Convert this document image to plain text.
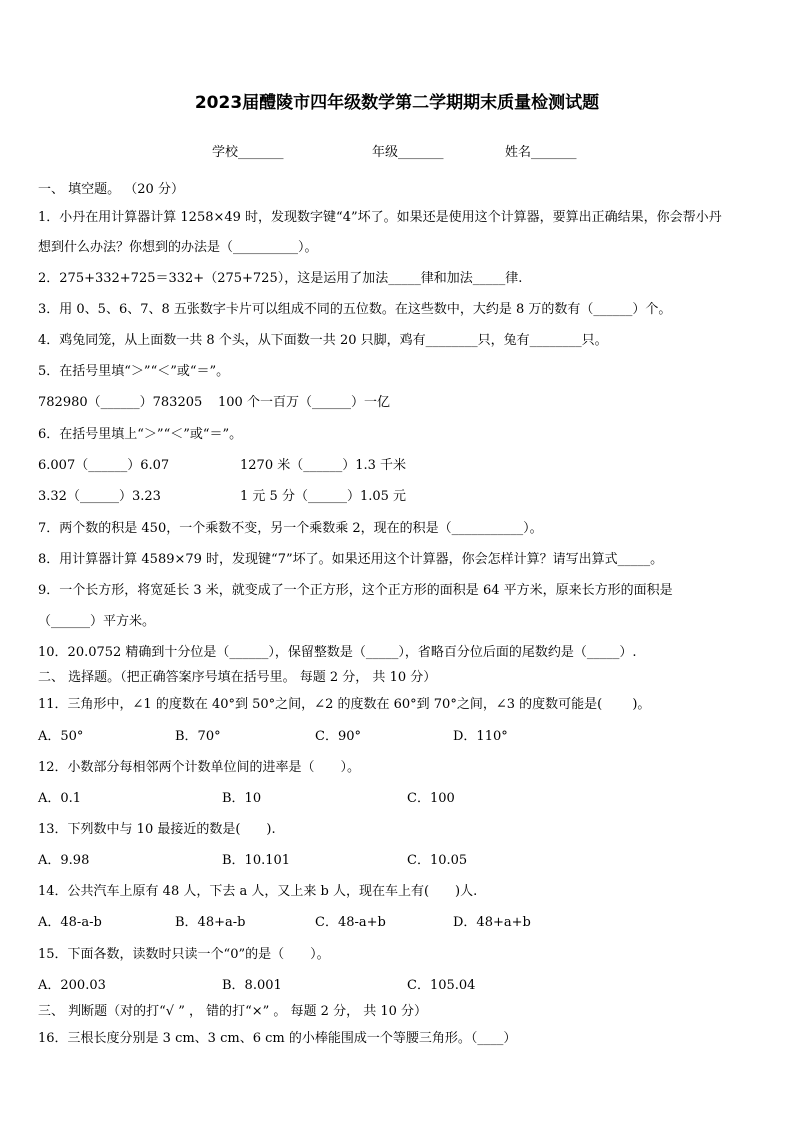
2023届醴陵市四年级数学第二学期期末质量检测试题
学校_______	年级_______	姓名_______
一、 填空题。 （20 分）
1．小丹在用计算器计算 1258×49 时，发现数字键“4”坏了。如果还是使用这个计算器，要算出正确结果，你会帮小丹
想到什么办法？你想到的办法是（__________）。
2．275+332+725＝332+（275+725），这是运用了加法_____律和加法_____律.
3．用 0、5、6、7、8 五张数字卡片可以组成不同的五位数。在这些数中，大约是 8 万的数有（______）个。
4．鸡兔同笼，从上面数一共 8 个头，从下面数一共 20 只脚，鸡有________只，兔有________只。
5．在括号里填“＞”“＜”或“＝”。
782980（______）783205 100 个一百万（______）一亿
6．在括号里填上“＞”“＜”或“＝”。
6.007（______）6.07	1270 米（______）1.3 千米
3.32（______）3.23	1 元 5 分（______）1.05 元
7．两个数的积是 450，一个乘数不变，另一个乘数乘 2，现在的积是（___________）。
8．用计算器计算 4589×79 时，发现键“7”坏了。如果还用这个计算器，你会怎样计算？请写出算式_____。
9．一个长方形，将宽延长 3 米，就变成了一个正方形，这个正方形的面积是 64 平方米，原来长方形的面积是
（______）平方米。
10．20.0752 精确到十分位是（______），保留整数是（_____），省略百分位后面的尾数约是（_____）.
二、 选择题。（把正确答案序号填在括号里。 每题 2 分， 共 10 分）
11．三角形中，∠1 的度数在 40°到 50°之间，∠2 的度数在 60°到 70°之间，∠3 的度数可能是(　　 )。
A．50°	B．70°	C．90°	D．110°
12．小数部分每相邻两个计数单位间的进率是（　　）。
A．0.1	B．10	C．100
13．下列数中与 10 最接近的数是(　　).
A．9.98	B．10.101	C．10.05
14．公共汽车上原有 48 人，下去 a 人，又上来 b 人，现在车上有(　　)人.
A．48-a-b	B．48+a-b	C．48-a+b	D．48+a+b
15．下面各数，读数时只读一个“0”的是（　　）。
A．200.03	B．8.001	C．105.04
三、 判断题（对的打“√ ” ， 错的打“×” 。 每题 2 分， 共 10 分）
16．三根长度分别是 3 cm、3 cm、6 cm 的小棒能围成一个等腰三角形。（____）
